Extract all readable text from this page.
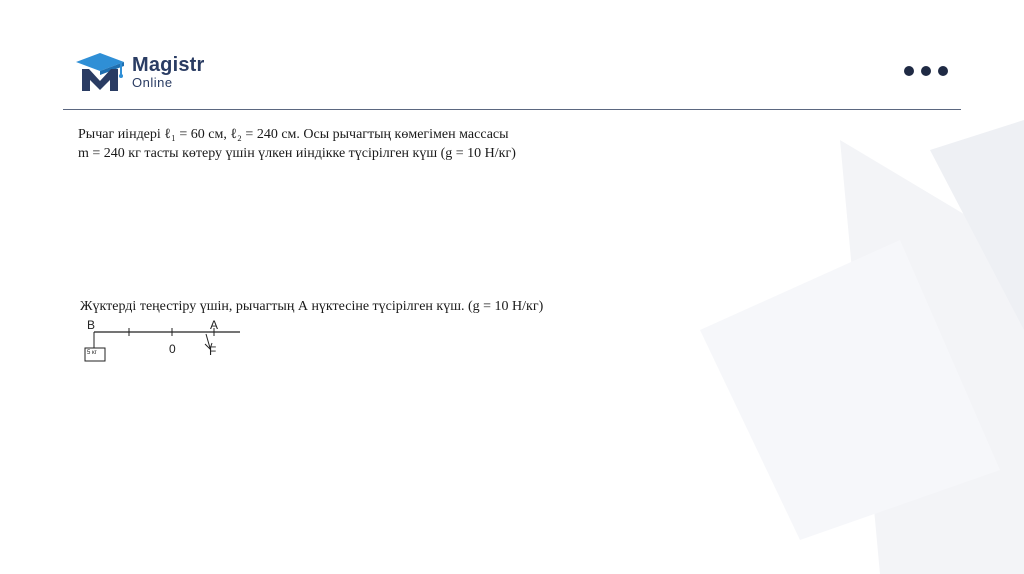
Magistr
Online
Рычаг иіндері ℓ₁ = 60 см, ℓ₂ = 240 см. Осы рычагтың көмегімен массасы
m = 240 кг тасты көтеру үшін үлкен иіндікке түсірілген күш (g = 10 Н/кг)
Жүктерді теңестіру үшін, рычагтың А нүктесіне түсірілген күш. (g = 10 Н/кг)
B	A
0	F
5 кг
